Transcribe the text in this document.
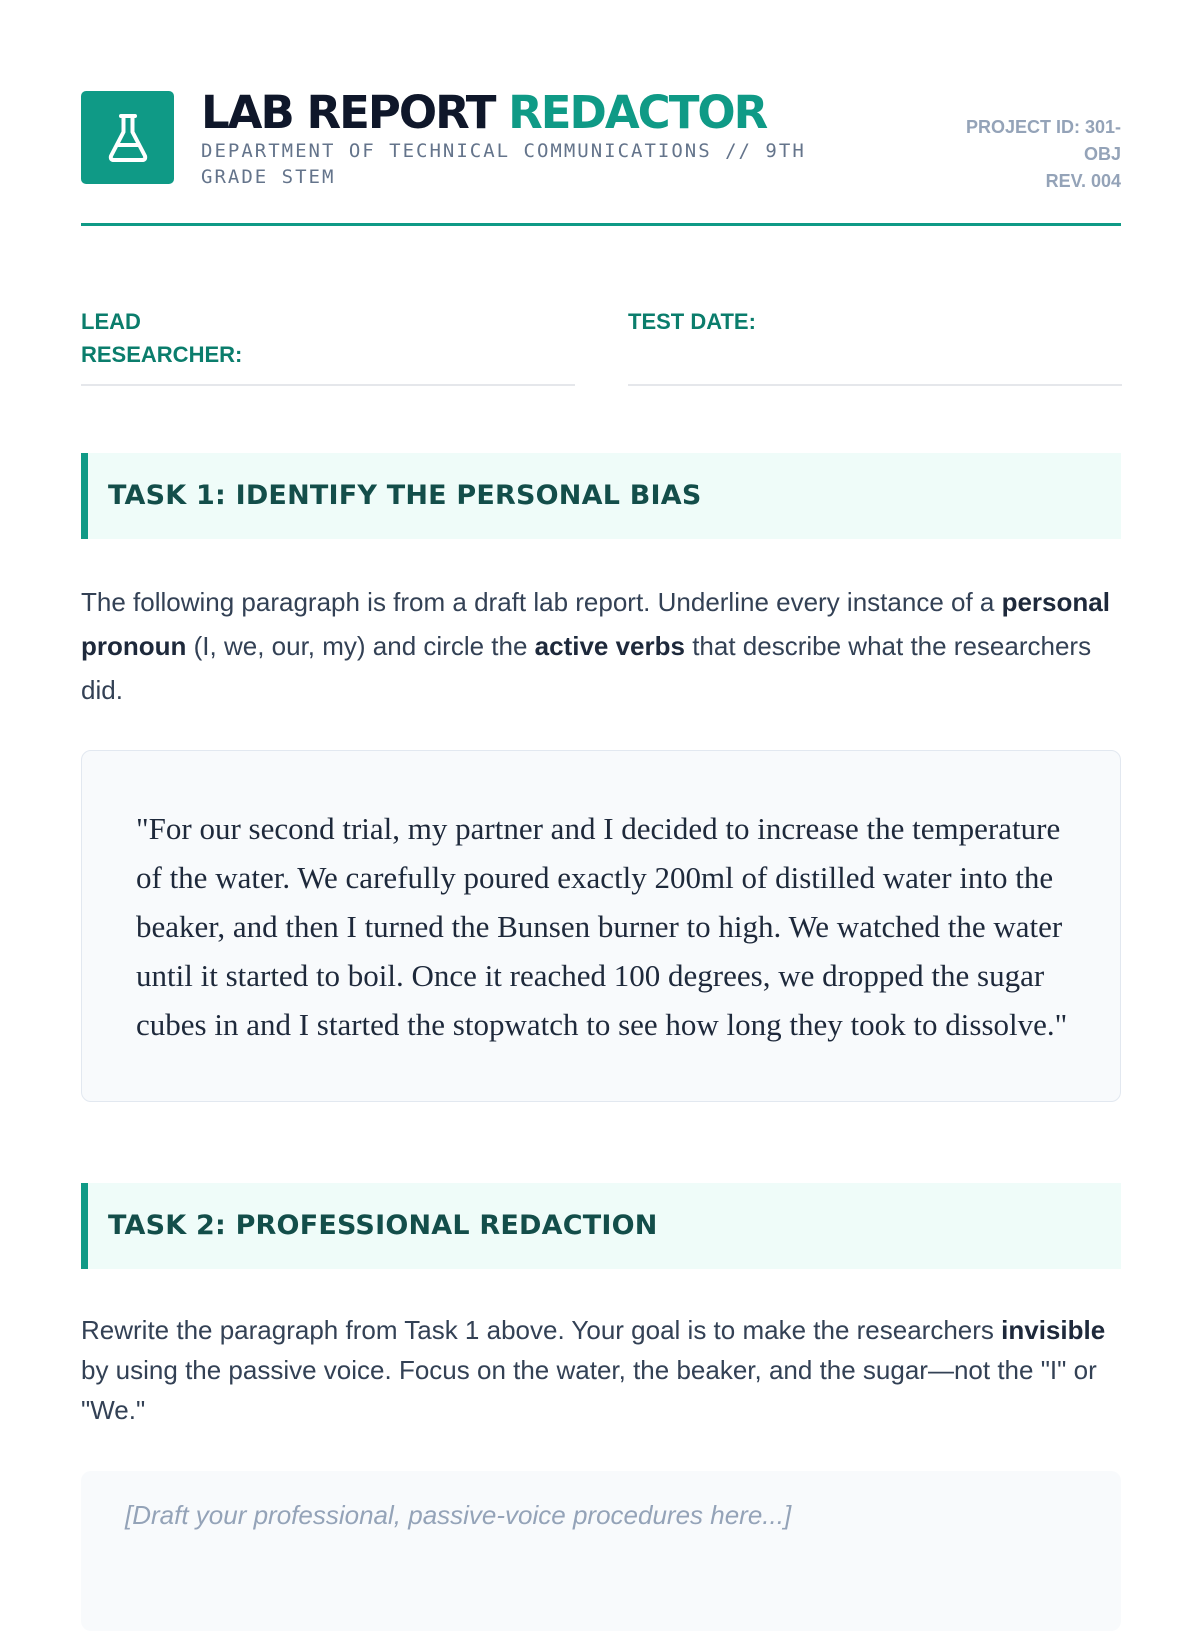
LAB REPORT REDACTOR
DEPARTMENT OF TECHNICAL COMMUNICATIONS // 9TH GRADE STEM
PROJECT ID: 301-OBJ
REV. 004
LEAD RESEARCHER:
TEST DATE:
TASK 1: IDENTIFY THE PERSONAL BIAS

The following paragraph is from a draft lab report. Underline every instance of a personal pronoun (I, we, our, my) and circle the active verbs that describe what the researchers did.

"For our second trial, my partner and I decided to increase the temperature of the water. We carefully poured exactly 200ml of distilled water into the beaker, and then I turned the Bunsen burner to high. We watched the water until it started to boil. Once it reached 100 degrees, we dropped the sugar cubes in and I started the stopwatch to see how long they took to dissolve."

TASK 2: PROFESSIONAL REDACTION

Rewrite the paragraph from Task 1 above. Your goal is to make the researchers invisible by using the passive voice. Focus on the water, the beaker, and the sugar—not the "I" or "We."

[Draft your professional, passive-voice procedures here...]
